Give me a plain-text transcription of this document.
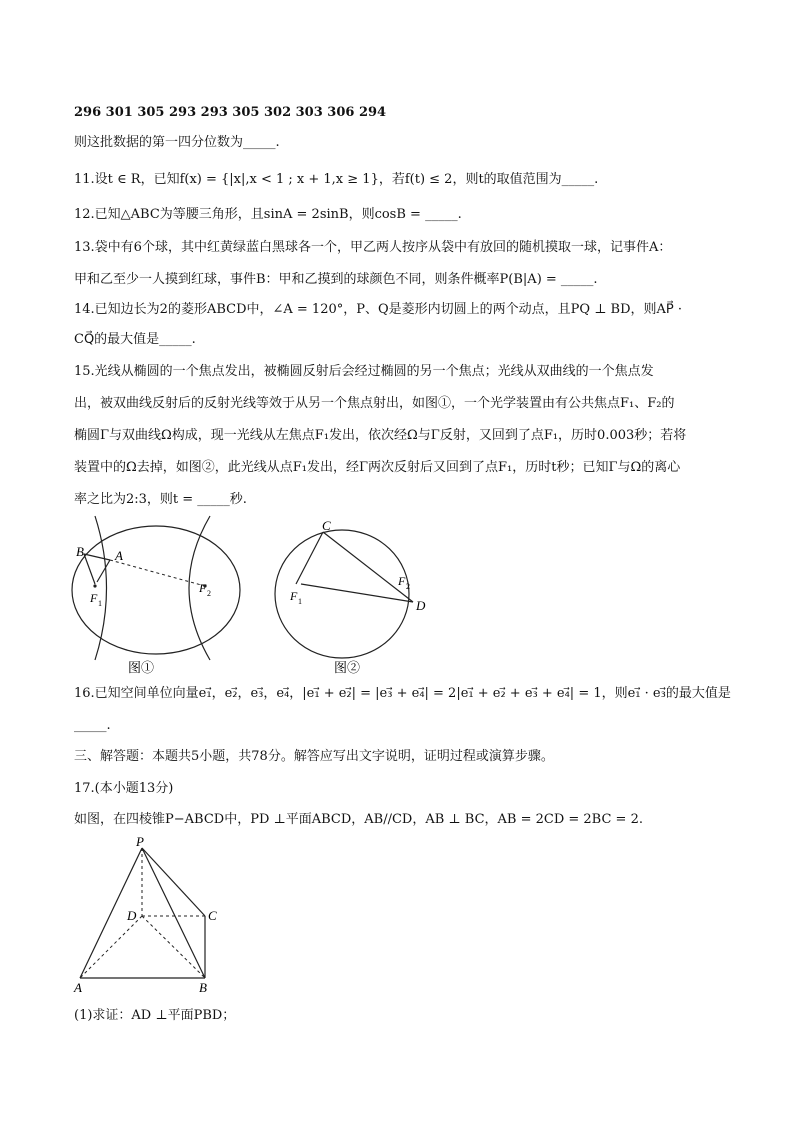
296 301 305 293 293 305 302 303 306 294
则这批数据的第一四分位数为_____.
11.设t ∈ R，已知f(x) = {|x|,x < 1 ; x + 1,x ≥ 1}，若f(t) ≤ 2，则t的取值范围为_____.
12.已知△ABC为等腰三角形，且sinA = 2sinB，则cosB = _____.
13.袋中有6个球，其中红黄绿蓝白黑球各一个，甲乙两人按序从袋中有放回的随机摸取一球，记事件A：
甲和乙至少一人摸到红球，事件B：甲和乙摸到的球颜色不同，则条件概率P(B|A) = _____.
14.已知边长为2的菱形ABCD中，∠A = 120°，P、Q是菱形内切圆上的两个动点，且PQ ⊥ BD，则AP⃗ ·
CQ⃗的最大值是_____.
15.光线从椭圆的一个焦点发出，被椭圆反射后会经过椭圆的另一个焦点；光线从双曲线的一个焦点发
出，被双曲线反射后的反射光线等效于从另一个焦点射出，如图①，一个光学装置由有公共焦点F₁、F₂的
椭圆Γ与双曲线Ω构成，现一光线从左焦点F₁发出，依次经Ω与Γ反射，又回到了点F₁，历时0.003秒；若将
装置中的Ω去掉，如图②，此光线从点F₁发出，经Γ两次反射后又回到了点F₁，历时t秒；已知Γ与Ω的离心
率之比为2:3，则t = _____秒.
B A
F 1
F 2
图①
C
F 1
F 2
D
图②
16.已知空间单位向量e₁⃗，e₂⃗，e₃⃗，e₄⃗，|e₁⃗ + e₂⃗| = |e₃⃗ + e₄⃗| = 2|e₁⃗ + e₂⃗ + e₃⃗ + e₄⃗| = 1，则e₁⃗ · e₃⃗的最大值是
_____.
三、解答题：本题共5小题，共78分。解答应写出文字说明，证明过程或演算步骤。
17.(本小题13分)
如图，在四棱锥P−ABCD中，PD ⊥平面ABCD，AB//CD，AB ⊥ BC，AB = 2CD = 2BC = 2.
P
D	C
A	B
(1)求证：AD ⊥平面PBD；
